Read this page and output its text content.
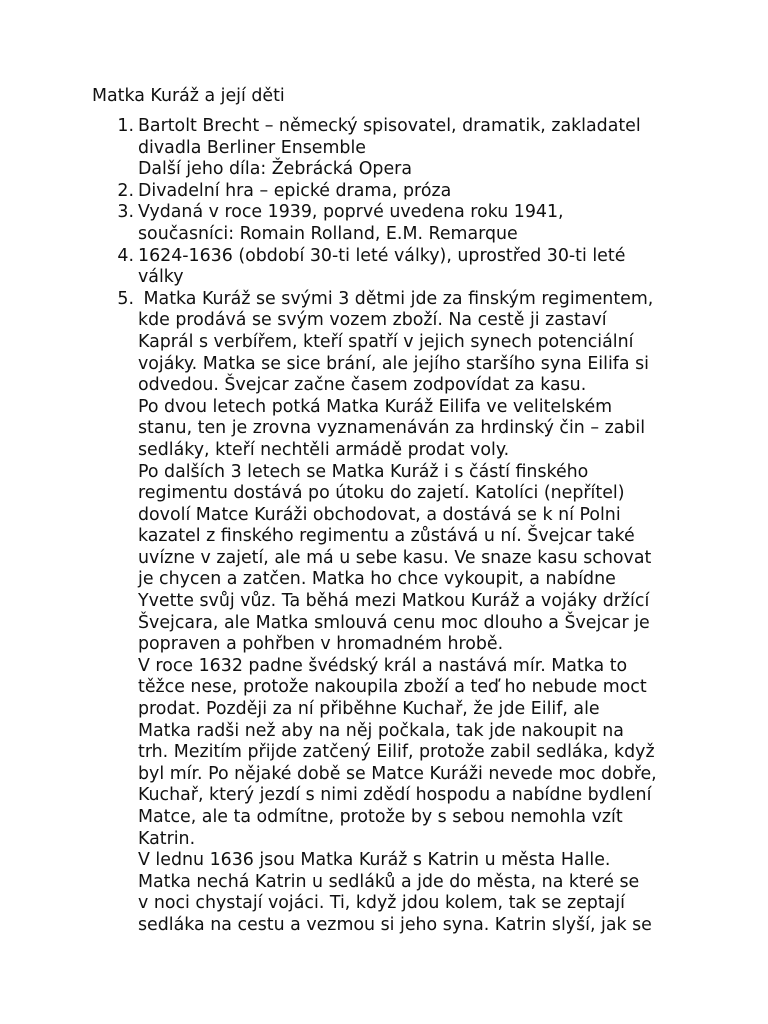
Matka Kuráž a její děti
1. Bartolt Brecht – německý spisovatel, dramatik, zakladatel
divadla Berliner Ensemble
Další jeho díla: Žebrácká Opera
2. Divadelní hra – epické drama, próza
3. Vydaná v roce 1939, poprvé uvedena roku 1941,
současníci: Romain Rolland, E.M. Remarque
4. 1624-1636 (období 30-ti leté války), uprostřed 30-ti leté
války
5. Matka Kuráž se svými 3 dětmi jde za finským regimentem,
kde prodává se svým vozem zboží. Na cestě ji zastaví
Kaprál s verbířem, kteří spatří v jejich synech potenciální
vojáky. Matka se sice brání, ale jejího staršího syna Eilifa si
odvedou. Švejcar začne časem zodpovídat za kasu.
Po dvou letech potká Matka Kuráž Eilifa ve velitelském
stanu, ten je zrovna vyznamenáván za hrdinský čin – zabil
sedláky, kteří nechtěli armádě prodat voly.
Po dalších 3 letech se Matka Kuráž i s částí finského
regimentu dostává po útoku do zajetí. Katolíci (nepřítel)
dovolí Matce Kuráži obchodovat, a dostává se k ní Polni
kazatel z finského regimentu a zůstává u ní. Švejcar také
uvízne v zajetí, ale má u sebe kasu. Ve snaze kasu schovat
je chycen a zatčen. Matka ho chce vykoupit, a nabídne
Yvette svůj vůz. Ta běhá mezi Matkou Kuráž a vojáky držící
Švejcara, ale Matka smlouvá cenu moc dlouho a Švejcar je
popraven a pohřben v hromadném hrobě.
V roce 1632 padne švédský král a nastává mír. Matka to
těžce nese, protože nakoupila zboží a teď ho nebude moct
prodat. Později za ní přiběhne Kuchař, že jde Eilif, ale
Matka radši než aby na něj počkala, tak jde nakoupit na
trh. Mezitím přijde zatčený Eilif, protože zabil sedláka, když
byl mír. Po nějaké době se Matce Kuráži nevede moc dobře,
Kuchař, který jezdí s nimi zdědí hospodu a nabídne bydlení
Matce, ale ta odmítne, protože by s sebou nemohla vzít
Katrin.
V lednu 1636 jsou Matka Kuráž s Katrin u města Halle.
Matka nechá Katrin u sedláků a jde do města, na které se
v noci chystají vojáci. Ti, když jdou kolem, tak se zeptají
sedláka na cestu a vezmou si jeho syna. Katrin slyší, jak se
